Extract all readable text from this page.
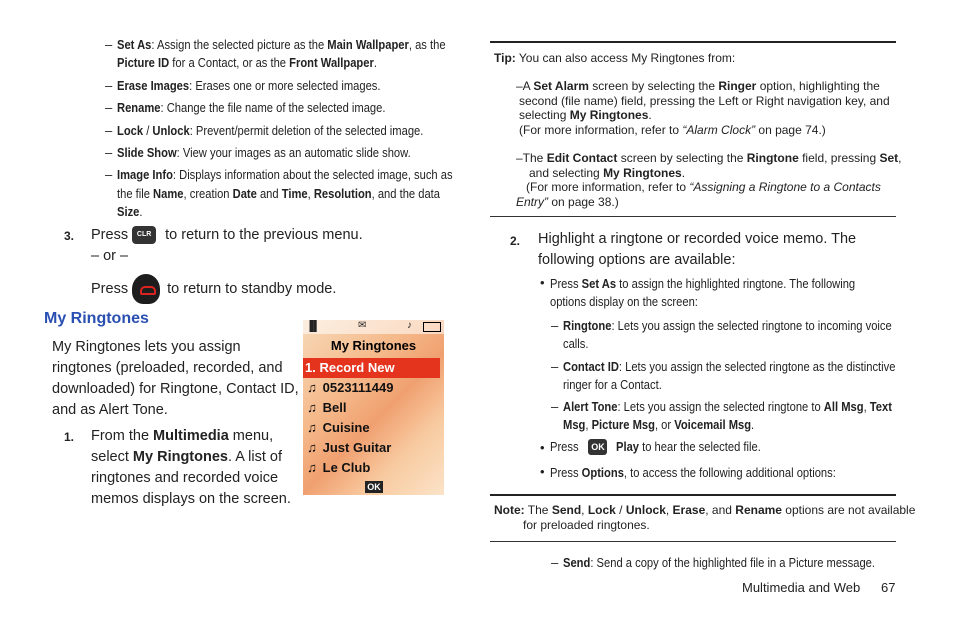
– Set As: Assign the selected picture as the Main Wallpaper, as the
Picture ID for a Contact, or as the Front Wallpaper.
– Erase Images: Erases one or more selected images.
– Rename: Change the file name of the selected image.
– Lock / Unlock: Prevent/permit deletion of the selected image.
– Slide Show: View your images as an automatic slide show.
– Image Info: Displays information about the selected image, such as
the file Name, creation Date and Time, Resolution, and the data
Size.
3. Press CLR to return to the previous menu.
– or –
Press	to return to standby mode.
My Ringtones
My Ringtones lets you assign
ringtones (preloaded, recorded, and
downloaded) for Ringtone, Contact ID,
and as Alert Tone.
1. From the Multimedia menu,
select My Ringtones. A list of
ringtones and recorded voice
memos displays on the screen.
▐▌	✉	♪
My Ringtones
1. Record New
♫ 0523111449
♫ Bell
♫ Cuisine
♫ Just Guitar
♫ Le Club
OK
Tip: You can also access My Ringtones from:
–A Set Alarm screen by selecting the Ringer option, highlighting the
second (file name) field, pressing the Left or Right navigation key, and
selecting My Ringtones.
(For more information, refer to “Alarm Clock” on page 74.)
–The Edit Contact screen by selecting the Ringtone field, pressing Set,
and selecting My Ringtones.
(For more information, refer to “Assigning a Ringtone to a Contacts
Entry” on page 38.)
2. Highlight a ringtone or recorded voice memo. The
following options are available:
• Press Set As to assign the highlighted ringtone. The following
options display on the screen:
– Ringtone: Lets you assign the selected ringtone to incoming voice
calls.
– Contact ID: Lets you assign the selected ringtone as the distinctive
ringer for a Contact.
– Alert Tone: Lets you assign the selected ringtone to All Msg, Text
Msg, Picture Msg, or Voicemail Msg.
• Press OK Play to hear the selected file.
• Press Options, to access the following additional options:
Note: The Send, Lock / Unlock, Erase, and Rename options are not available
for preloaded ringtones.
– Send: Send a copy of the highlighted file in a Picture message.
Multimedia and Web 67
